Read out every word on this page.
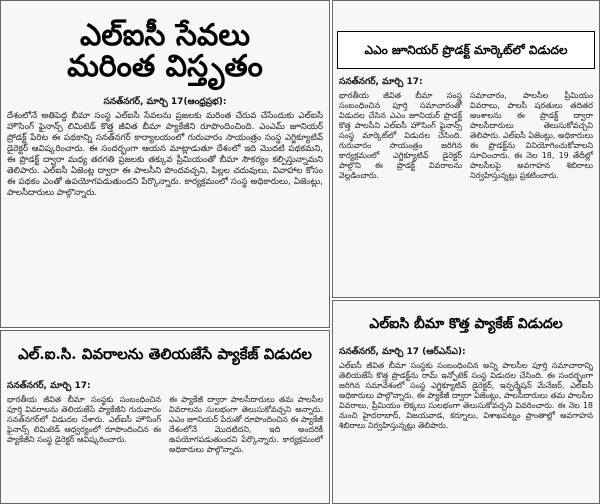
ఎల్ఐసీ సేవలు
మరింత విస్తృతం
సనత్‌నగర్, మార్చి 17(ఆంధ్రప్రభ):

దేశంలోనే అతిపెద్ద బీమా సంస్థ ఎల్ఐసీ సేవలను ప్రజలకు మరింత చేరువ చేసేందుకు ఎల్ఐసీ హౌసింగ్ ఫైనాన్స్ లిమిటెడ్ కొత్త జీవిత బీమా ప్యాకేజీని రూపొందించింది. ఎంఎమ్ జూనియర్ ప్రోడక్ట్ పేరిట ఈ పథకాన్ని సనత్‌నగర్ కార్యాలయంలో గురువారం సాయంత్రం సంస్థ ఎగ్జిక్యూటివ్ డైరెక్టర్ ఆవిష్కరించారు. ఈ సందర్భంగా ఆయన మాట్లాడుతూ దేశంలో ఇది మొదటి పథకమని, ఈ ప్రొడక్ట్ ద్వారా మధ్య తరగతి ప్రజలకు తక్కువ ప్రీమియంతో బీమా సౌకర్యం కల్పిస్తున్నామని తెలిపారు. ఎల్ఐసీ ఏజెంట్ల ద్వారా ఈ పాలసీని పొందవచ్చని, పిల్లల చదువులు, వివాహాల కోసం ఈ పథకం ఎంతో ఉపయోగపడుతుందని పేర్కొన్నారు. కార్యక్రమంలో సంస్థ అధికారులు, ఏజెంట్లు, పాలసీదారులు పాల్గొన్నారు.

ఎఎం జూనియర్ ప్రొడక్ట్ మార్కెట్‌లో విడుదల
సనత్‌నగర్, మార్చి 17:
భారతీయ జీవిత బీమా సంస్థ సంబంధించిన పూర్తి సమాచారంతో విడుదల చేసిన ఎఎం జూనియర్ ప్రొడక్ట్ కొత్త పాలసీని ఎల్ఐసీ హౌసింగ్ ఫైనాన్స్ సంస్థ మార్కెట్‌లో విడుదల చేసింది. గురువారం సాయంత్రం జరిగిన కార్యక్రమంలో ఎగ్జిక్యూటివ్ డైరెక్టర్ పాల్గొని ఈ ప్రొడక్ట్ వివరాలను వెల్లడించారు.
సమాచారం, పాలసీల ప్రీమియం వివరాలు, పాలసీ షరతులు తదితర అంశాలను ఈ ప్రొడక్ట్ ద్వారా పాలసీదారులు తెలుసుకోవచ్చని తెలిపారు. ఎల్ఐసీ ఏజెంట్లు, అధికారులు ఈ ప్రొడక్ట్‌ను వినియోగించుకోవాలని సూచించారు. ఈ నెల 18, 19 తేదీల్లో పాలసీలపై అవగాహన శిబిరాలు నిర్వహిస్తున్నట్లు ప్రకటించారు.
ఎల్.ఐ.సి. వివరాలను తెలియజేసే ప్యాకేజ్ విడుదల
సనత్‌నగర్, మార్చి 17:
భారతీయ జీవిత బీమా సంస్థకు సంబంధించిన పూర్తి వివరాలను తెలియజేసే ప్యాకేజీని గురువారం సనత్‌నగర్‌లో విడుదల చేశారు. ఎల్ఐసీ హౌసింగ్ ఫైనాన్స్ లిమిటెడ్ ఆధ్వర్యంలో రూపొందించిన ఈ ప్యాకేజీని సంస్థ డైరెక్టర్ ఆవిష్కరించారు.
ఈ ప్యాకేజీ ద్వారా పాలసీదారులు తమ పాలసీల వివరాలను సులభంగా తెలుసుకోవచ్చని అన్నారు. ఎఎం జూనియర్ పేరుతో రూపొందించిన ఈ ప్యాకేజీ దేశంలోనే మొదటిదని, ఇది అందరికీ ఉపయోగపడుతుందని పేర్కొన్నారు. కార్యక్రమంలో అధికారులు పాల్గొన్నారు.
ఎల్ఐసి బీమా కొత్త ప్యాకేజ్ విడుదల
సనత్‌నగర్, మార్చి 17 (ఆర్ఎన్ఎ):

ఎల్ఐసీ జీవిత బీమా సంస్థకు సంబంధించిన అన్ని పాలసీల పూర్తి సమాచారాన్ని తెలియజేసే కొత్త ప్రొడక్ట్‌ను రామ్ ఇన్ఫోటెక్ సంస్థ విడుదల చేసింది. ఈ సందర్భంగా జరిగిన సమావేశంలో సంస్థ ఎగ్జిక్యూటివ్ డైరెక్టర్, ఇన్ఫర్మేషన్ మేనేజర్, ఎల్ఐసీ అధికారులు పాల్గొన్నారు. ఈ ప్యాకేజీ ద్వారా ఏజెంట్లు, పాలసీదారులు తమ పాలసీల వివరాలు, ప్రీమియం లెక్కలు సులభంగా తెలుసుకోవచ్చని వివరించారు. ఈ నెల 18 నుంచి హైదరాబాద్, విజయవాడ, కర్నూలు, విశాఖపట్నం ప్రాంతాల్లో అవగాహన శిబిరాలు నిర్వహిస్తున్నట్లు తెలిపారు.
